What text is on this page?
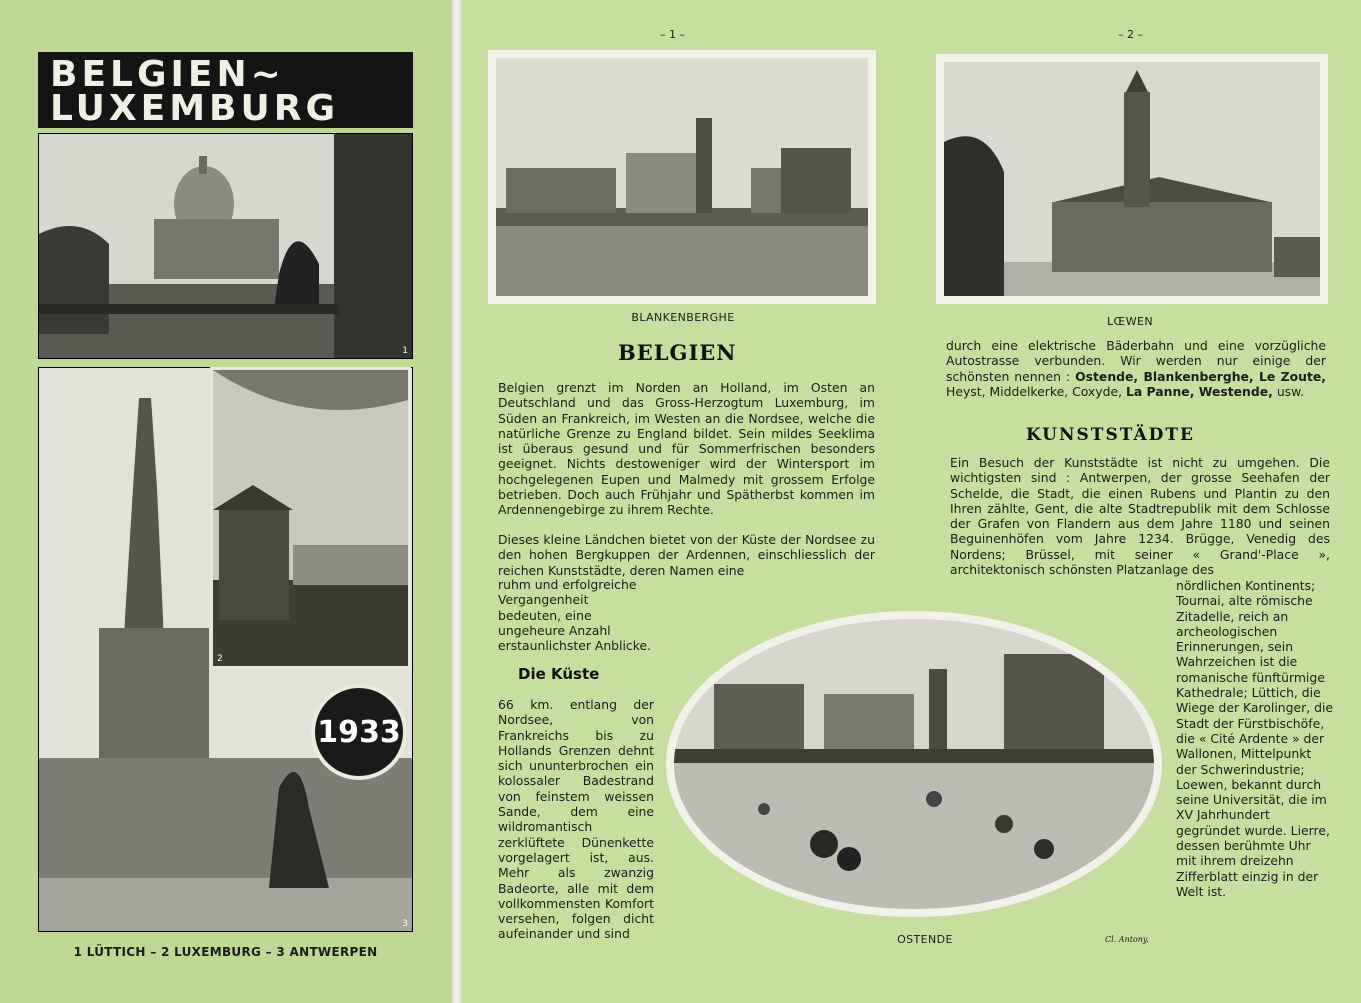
BELGIEN~
LUXEMBURG
1
3
2
1933
1 LÜTTICH – 2 LUXEMBURG – 3 ANTWERPEN
– 1 –
BLANKENBERGHE
BELGIEN

Belgien grenzt im Norden an Holland, im Osten an Deutschland und das Gross-Herzogtum Luxemburg, im Süden an Frankreich, im Westen an die Nordsee, welche die natürliche Grenze zu England bildet. Sein mildes Seeklima ist überaus gesund und für Sommerfrischen besonders geeignet. Nichts destoweniger wird der Wintersport im hochgelegenen Eupen und Malmedy mit grossem Erfolge betrieben. Doch auch Frühjahr und Spätherbst kommen im Ardennengebirge zu ihrem Rechte.

Dieses kleine Ländchen bietet von der Küste der Nordsee zu den hohen Bergkuppen der Ardennen, einschliesslich der reichen Kunststädte, deren Namen eine

ruhm und erfolgreiche Vergangenheit bedeuten, eine ungeheure Anzahl erstaunlichster Anblicke.

Die Küste

66 km. entlang der Nordsee, von Frankreichs bis zu Hollands Grenzen dehnt sich ununterbrochen ein kolossaler Badestrand von feinstem weissen Sande, dem eine wildromantisch zerklüftete Dünenkette vorgelagert ist, aus. Mehr als zwanzig Badeorte, alle mit dem vollkommensten Komfort versehen, folgen dicht aufeinander und sind

– 2 –
LŒWEN

durch eine elektrische Bäderbahn und eine vorzügliche Autostrasse verbunden. Wir werden nur einige der schönsten nennen : Ostende, Blankenberghe, Le Zoute, Heyst, Middelkerke, Coxyde, La Panne, Westende, usw.

KUNSTSTÄDTE

Ein Besuch der Kunststädte ist nicht zu umgehen. Die wichtigsten sind : Antwerpen, der grosse Seehafen der Schelde, die Stadt, die einen Rubens und Plantin zu den Ihren zählte, Gent, die alte Stadtrepublik mit dem Schlosse der Grafen von Flandern aus dem Jahre 1180 und seinen Beguinenhöfen vom Jahre 1234. Brügge, Venedig des Nordens; Brüssel, mit seiner « Grand'-Place », architektonisch schönsten Platzanlage des

nördlichen Kontinents; Tournai, alte römische Zitadelle, reich an archeologischen Erinnerungen, sein Wahrzeichen ist die romanische fünftürmige Kathedrale; Lüttich, die Wiege der Karolinger, die Stadt der Fürstbischöfe, die « Cité Ardente » der Wallonen, Mittelpunkt der Schwerindustrie; Loewen, bekannt durch seine Universität, die im XV Jahrhundert gegründet wurde. Lierre, dessen berühmte Uhr mit ihrem dreizehn Zifferblatt einzig in der Welt ist.

OSTENDE	Cl. Antony.
